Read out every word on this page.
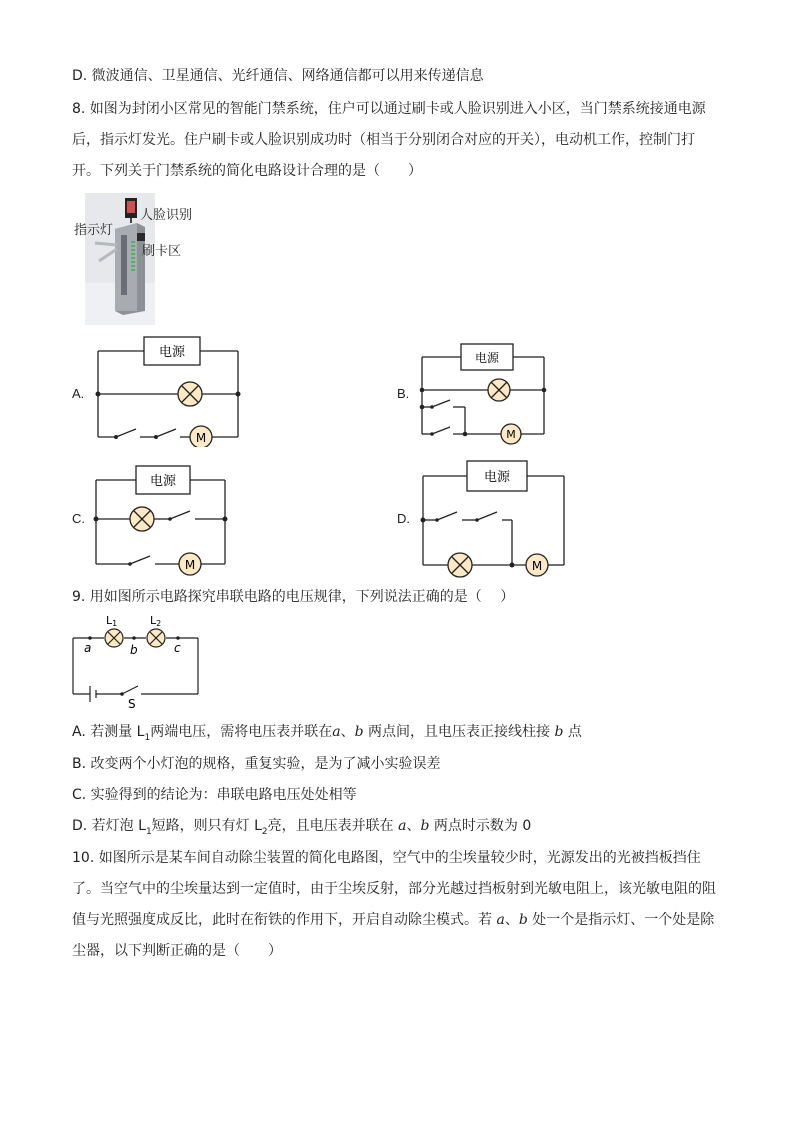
D. 微波通信、卫星通信、光纤通信、网络通信都可以用来传递信息
8. 如图为封闭小区常见的智能门禁系统，住户可以通过刷卡或人脸识别进入小区，当门禁系统接通电源
后，指示灯发光。住户刷卡或人脸识别成功时（相当于分别闭合对应的开关），电动机工作，控制门打
开。下列关于门禁系统的简化电路设计合理的是（　　）
人脸识别
指示灯
刷卡区
A.	B.
C.	D.
电源
M
电源
M
电源
M
电源
M
9. 用如图所示电路探究串联电路的电压规律，下列说法正确的是（　 ）
L1	L2
a	b	c
S
A. 若测量 $L_1$两端电压，需将电压表并联在a、b 两点间，且电压表正接线柱接 b 点
B. 改变两个小灯泡的规格，重复实验，是为了减小实验误差
C. 实验得到的结论为：串联电路电压处处相等
D. 若灯泡 $L_1$短路，则只有灯 $L_2$亮，且电压表并联在 a、b 两点时示数为 0
10. 如图所示是某车间自动除尘装置的简化电路图，空气中的尘埃量较少时，光源发出的光被挡板挡住
了。当空气中的尘埃量达到一定值时，由于尘埃反射，部分光越过挡板射到光敏电阻上，该光敏电阻的阻
值与光照强度成反比，此时在衔铁的作用下，开启自动除尘模式。若 a、b 处一个是指示灯、一个处是除
尘器，以下判断正确的是（　　）
